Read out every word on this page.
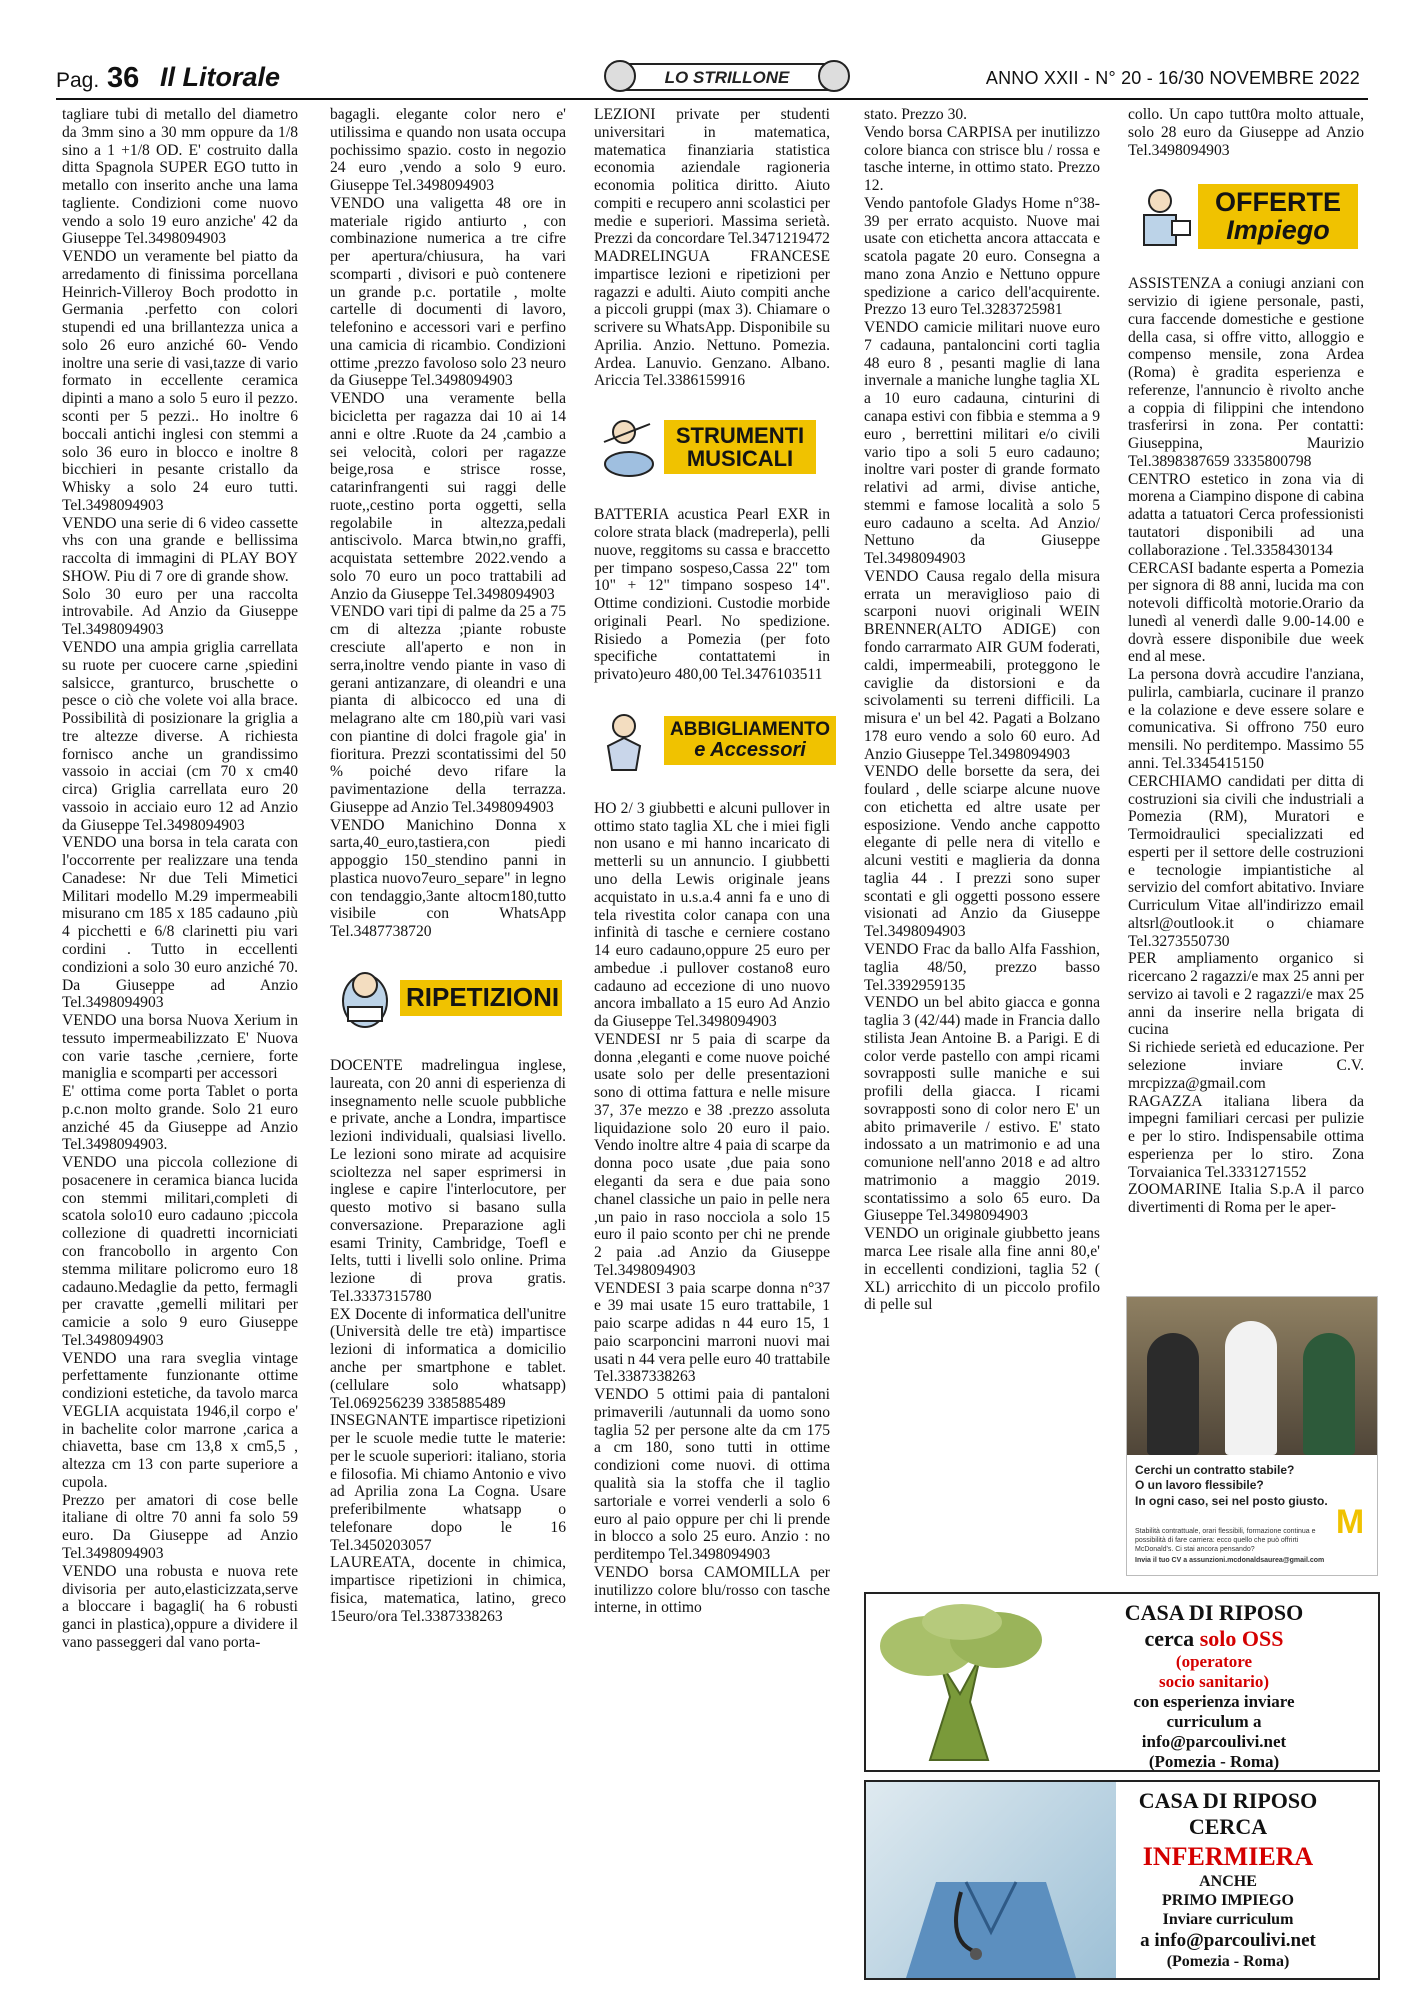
Pag. 36 Il Litorale	LO STRILLONE	ANNO XXII - N° 20 - 16/30 NOVEMBRE 2022

tagliare tubi di metallo del diametro da 3mm sino a 30 mm oppure da 1/8 sino a 1 +1/8 OD. E' costruito dalla ditta Spagnola SUPER EGO tutto in metallo con inserito anche una lama tagliente. Condizioni come nuovo vendo a solo 19 euro anziche' 42 da Giuseppe Tel.3498094903

VENDO un veramente bel piatto da arredamento di finissima porcellana Heinrich-Villeroy Boch prodotto in Germania .perfetto con colori stupendi ed una brillantezza unica a solo 26 euro anziché 60- Vendo inoltre una serie di vasi,tazze di vario formato in eccellente ceramica dipinti a mano a solo 5 euro il pezzo. sconti per 5 pezzi.. Ho inoltre 6 boccali antichi inglesi con stemmi a solo 36 euro in blocco e inoltre 8 bicchieri in pesante cristallo da Whisky a solo 24 euro tutti. Tel.3498094903

VENDO una serie di 6 video cassette vhs con una grande e bellissima raccolta di immagini di PLAY BOY SHOW. Piu di 7 ore di grande show.

Solo 30 euro per una raccolta introvabile. Ad Anzio da Giuseppe Tel.3498094903

VENDO una ampia griglia carrellata su ruote per cuocere carne ,spiedini salsicce, granturco, bruschette o pesce o ciò che volete voi alla brace. Possibilità di posizionare la griglia a tre altezze diverse. A richiesta fornisco anche un grandissimo vassoio in acciai (cm 70 x cm40 circa) Griglia carrellata euro 20 vassoio in acciaio euro 12 ad Anzio da Giuseppe Tel.3498094903

VENDO una borsa in tela carata con l'occorrente per realizzare una tenda Canadese: Nr due Teli Mimetici Militari modello M.29 impermeabili misurano cm 185 x 185 cadauno ,più 4 picchetti e 6/8 clarinetti piu vari cordini . Tutto in eccellenti condizioni a solo 30 euro anziché 70. Da Giuseppe ad Anzio Tel.3498094903

VENDO una borsa Nuova Xerium in tessuto impermeabilizzato E' Nuova con varie tasche ,cerniere, forte maniglia e scomparti per accessori

E' ottima come porta Tablet o porta p.c.non molto grande. Solo 21 euro anziché 45 da Giuseppe ad Anzio Tel.3498094903.

VENDO una piccola collezione di posacenere in ceramica bianca lucida con stemmi militari,completi di scatola solo10 euro cadauno ;piccola collezione di quadretti incorniciati con francobollo in argento Con stemma militare policromo euro 18 cadauno.Medaglie da petto, fermagli per cravatte ,gemelli militari per camicie a solo 9 euro Giuseppe Tel.3498094903

VENDO una rara sveglia vintage perfettamente funzionante ottime condizioni estetiche, da tavolo marca VEGLIA acquistata 1946,il corpo e' in bachelite color marrone ,carica a chiavetta, base cm 13,8 x cm5,5 , altezza cm 13 con parte superiore a cupola.

Prezzo per amatori di cose belle italiane di oltre 70 anni fa solo 59 euro. Da Giuseppe ad Anzio Tel.3498094903

VENDO una robusta e nuova rete divisoria per auto,elasticizzata,serve a bloccare i bagagli( ha 6 robusti ganci in plastica),oppure a dividere il vano passeggeri dal vano porta-

bagagli. elegante color nero e' utilissima e quando non usata occupa pochissimo spazio. costo in negozio 24 euro ,vendo a solo 9 euro. Giuseppe Tel.3498094903

VENDO una valigetta 48 ore in materiale rigido antiurto , con combinazione numerica a tre cifre per apertura/chiusura, ha vari scomparti , divisori e può contenere un grande p.c. portatile , molte cartelle di documenti di lavoro, telefonino e accessori vari e perfino una camicia di ricambio. Condizioni ottime ,prezzo favoloso solo 23 neuro da Giuseppe Tel.3498094903

VENDO una veramente bella bicicletta per ragazza dai 10 ai 14 anni e oltre .Ruote da 24 ,cambio a sei velocità, colori per ragazze beige,rosa e strisce rosse, catarinfrangenti sui raggi delle ruote,,cestino porta oggetti, sella regolabile in altezza,pedali antiscivolo. Marca btwin,no graffi, acquistata settembre 2022.vendo a solo 70 euro un poco trattabili ad Anzio da Giuseppe Tel.3498094903

VENDO vari tipi di palme da 25 a 75 cm di altezza ;piante robuste cresciute all'aperto e non in serra,inoltre vendo piante in vaso di gerani antizanzare, di oleandri e una pianta di albicocco ed una di melagrano alte cm 180,più vari vasi con piantine di dolci fragole gia' in fioritura. Prezzi scontatissimi del 50 % poiché devo rifare la pavimentazione della terrazza. Giuseppe ad Anzio Tel.3498094903

VENDO Manichino Donna x sarta,40_euro,tastiera,con piedi appoggio 150_stendino panni in plastica nuovo7euro_separe" in legno con tendaggio,3ante altocm180,tutto visibile con WhatsApp Tel.3487738720

RIPETIZIONI

DOCENTE madrelingua inglese, laureata, con 20 anni di esperienza di insegnamento nelle scuole pubbliche e private, anche a Londra, impartisce lezioni individuali, qualsiasi livello. Le lezioni sono mirate ad acquisire scioltezza nel saper esprimersi in inglese e capire l'interlocutore, per questo motivo si basano sulla conversazione. Preparazione agli esami Trinity, Cambridge, Toefl e Ielts, tutti i livelli solo online. Prima lezione di prova gratis. Tel.3337315780

EX Docente di informatica dell'unitre (Università delle tre età) impartisce lezioni di informatica a domicilio anche per smartphone e tablet. (cellulare solo whatsapp) Tel.069256239 3385885489

INSEGNANTE impartisce ripetizioni per le scuole medie tutte le materie: per le scuole superiori: italiano, storia e filosofia. Mi chiamo Antonio e vivo ad Aprilia zona La Cogna. Usare preferibilmente whatsapp o telefonare dopo le 16 Tel.3450203057

LAUREATA, docente in chimica, impartisce ripetizioni in chimica, fisica, matematica, latino, greco 15euro/ora Tel.3387338263

LEZIONI private per studenti universitari in matematica, matematica finanziaria statistica economia aziendale ragioneria economia politica diritto. Aiuto compiti e recupero anni scolastici per medie e superiori. Massima serietà. Prezzi da concordare Tel.3471219472

MADRELINGUA FRANCESE impartisce lezioni e ripetizioni per ragazzi e adulti. Aiuto compiti anche a piccoli gruppi (max 3). Chiamare o scrivere su WhatsApp. Disponibile su Aprilia. Anzio. Nettuno. Pomezia. Ardea. Lanuvio. Genzano. Albano. Ariccia Tel.3386159916

STRUMENTI MUSICALI

BATTERIA acustica Pearl EXR in colore strata black (madreperla), pelli nuove, reggitoms su cassa e braccetto per timpano sospeso,Cassa 22" tom 10" + 12" timpano sospeso 14". Ottime condizioni. Custodie morbide originali Pearl. No spedizione. Risiedo a Pomezia (per foto specifiche contattatemi in privato)euro 480,00 Tel.3476103511

ABBIGLIAMENTO
e Accessori

HO 2/ 3 giubbetti e alcuni pullover in ottimo stato taglia XL che i miei figli non usano e mi hanno incaricato di metterli su un annuncio. I giubbetti uno della Lewis originale jeans acquistato in u.s.a.4 anni fa e uno di tela rivestita color canapa con una infinità di tasche e cerniere costano 14 euro cadauno,oppure 25 euro per ambedue .i pullover costano8 euro cadauno ad eccezione di uno nuovo ancora imballato a 15 euro Ad Anzio da Giuseppe Tel.3498094903

VENDESI nr 5 paia di scarpe da donna ,eleganti e come nuove poiché usate solo per delle presentazioni sono di ottima fattura e nelle misure 37, 37e mezzo e 38 .prezzo assoluta liquidazione solo 20 euro il paio. Vendo inoltre altre 4 paia di scarpe da donna poco usate ,due paia sono eleganti da sera e due paia sono chanel classiche un paio in pelle nera ,un paio in raso nocciola a solo 15 euro il paio sconto per chi ne prende 2 paia .ad Anzio da Giuseppe Tel.3498094903

VENDESI 3 paia scarpe donna n°37 e 39 mai usate 15 euro trattabile, 1 paio scarpe adidas n 44 euro 15, 1 paio scarponcini marroni nuovi mai usati n 44 vera pelle euro 40 trattabile Tel.3387338263

VENDO 5 ottimi paia di pantaloni primaverili /autunnali da uomo sono taglia 52 per persone alte da cm 175 a cm 180, sono tutti in ottime condizioni come nuovi. di ottima qualità sia la stoffa che il taglio sartoriale e vorrei venderli a solo 6 euro al paio oppure per chi li prende in blocco a solo 25 euro. Anzio : no perditempo Tel.3498094903

VENDO borsa CAMOMILLA per inutilizzo colore blu/rosso con tasche interne, in ottimo

stato. Prezzo 30.

Vendo borsa CARPISA per inutilizzo colore bianca con strisce blu / rossa e tasche interne, in ottimo stato. Prezzo 12.

Vendo pantofole Gladys Home n°38-39 per errato acquisto. Nuove mai usate con etichetta ancora attaccata e scatola pagate 20 euro. Consegna a mano zona Anzio e Nettuno oppure spedizione a carico dell'acquirente. Prezzo 13 euro Tel.3283725981

VENDO camicie militari nuove euro 7 cadauna, pantaloncini corti taglia 48 euro 8 , pesanti maglie di lana invernale a maniche lunghe taglia XL a 10 euro cadauna, cinturini di canapa estivi con fibbia e stemma a 9 euro , berrettini militari e/o civili vario tipo a soli 5 euro cadauno; inoltre vari poster di grande formato relativi ad armi, divise antiche, stemmi e famose località a solo 5 euro cadauno a scelta. Ad Anzio/ Nettuno da Giuseppe Tel.3498094903

VENDO Causa regalo della misura errata un meraviglioso paio di scarponi nuovi originali WEIN BRENNER(ALTO ADIGE) con fondo carrarmato AIR GUM foderati, caldi, impermeabili, proteggono le caviglie da distorsioni e da scivolamenti su terreni difficili. La misura e' un bel 42. Pagati a Bolzano 178 euro vendo a solo 60 euro. Ad Anzio Giuseppe Tel.3498094903

VENDO delle borsette da sera, dei foulard , delle sciarpe alcune nuove con etichetta ed altre usate per esposizione. Vendo anche cappotto elegante di pelle nera di vitello e alcuni vestiti e maglieria da donna taglia 44 . I prezzi sono super scontati e gli oggetti possono essere visionati ad Anzio da Giuseppe Tel.3498094903

VENDO Frac da ballo Alfa Fasshion, taglia 48/50, prezzo basso Tel.3392959135

VENDO un bel abito giacca e gonna taglia 3 (42/44) made in Francia dallo stilista Jean Antoine B. a Parigi. E di color verde pastello con ampi ricami sovrapposti sulle maniche e sui profili della giacca. I ricami sovrapposti sono di color nero E' un abito primaverile / estivo. E' stato indossato a un matrimonio e ad una comunione nell'anno 2018 e ad altro matrimonio a maggio 2019. scontatissimo a solo 65 euro. Da Giuseppe Tel.3498094903

VENDO un originale giubbetto jeans marca Lee risale alla fine anni 80,e' in eccellenti condizioni, taglia 52 ( XL) arricchito di un piccolo profilo di pelle sul

collo. Un capo tutt0ra molto attuale, solo 28 euro da Giuseppe ad Anzio Tel.3498094903

OFFERTE
Impiego

ASSISTENZA a coniugi anziani con servizio di igiene personale, pasti, cura faccende domestiche e gestione della casa, si offre vitto, alloggio e compenso mensile, zona Ardea (Roma) è gradita esperienza e referenze, l'annuncio è rivolto anche a coppia di filippini che intendono trasferirsi in zona. Per contatti: Giuseppina, Maurizio Tel.3898387659 3335800798

CENTRO estetico in zona via di morena a Ciampino dispone di cabina adatta a tatuatori Cerca professionisti tautatori disponibili ad una collaborazione . Tel.3358430134

CERCASI badante esperta a Pomezia per signora di 88 anni, lucida ma con notevoli difficoltà motorie.Orario da lunedì al venerdì dalle 9.00-14.00 e dovrà essere disponibile due week end al mese.

La persona dovrà accudire l'anziana, pulirla, cambiarla, cucinare il pranzo e la colazione e deve essere solare e comunicativa. Si offrono 750 euro mensili. No perditempo. Massimo 55 anni. Tel.3345415150

CERCHIAMO candidati per ditta di costruzioni sia civili che industriali a Pomezia (RM), Muratori e Termoidraulici specializzati ed esperti per il settore delle costruzioni e tecnologie impiantistiche al servizio del comfort abitativo. Inviare Curriculum Vitae all'indirizzo email altsrl@outlook.it o chiamare Tel.3273550730

PER ampliamento organico si ricercano 2 ragazzi/e max 25 anni per servizo ai tavoli e 2 ragazzi/e max 25 anni da inserire nella brigata di cucina

Si richiede serietà ed educazione. Per selezione inviare C.V. mrcpizza@gmail.com

RAGAZZA italiana libera da impegni familiari cercasi per pulizie e per lo stiro. Indispensabile ottima esperienza per lo stiro. Zona Torvaianica Tel.3331271552

ZOOMARINE Italia S.p.A il parco divertimenti di Roma per le aper-

Cerchi un contratto stabile?
O un lavoro flessibile?
In ogni caso, sei nel posto giusto.
Stabilità contrattuale, orari flessibili, formazione continua e possibilità di fare carriera: ecco quello che può offrirti McDonald's. Ci stai ancora pensando?
Invia il tuo CV a assunzioni.mcdonaldsaurea@gmail.com
M
CASA DI RIPOSO
cerca solo OSS
(operatore
socio sanitario)
con esperienza inviare
curriculum a
info@parcoulivi.net
(Pomezia - Roma)
CASA DI RIPOSO
CERCA
INFERMIERA
ANCHE
PRIMO IMPIEGO
Inviare curriculum
a info@parcoulivi.net
(Pomezia - Roma)
